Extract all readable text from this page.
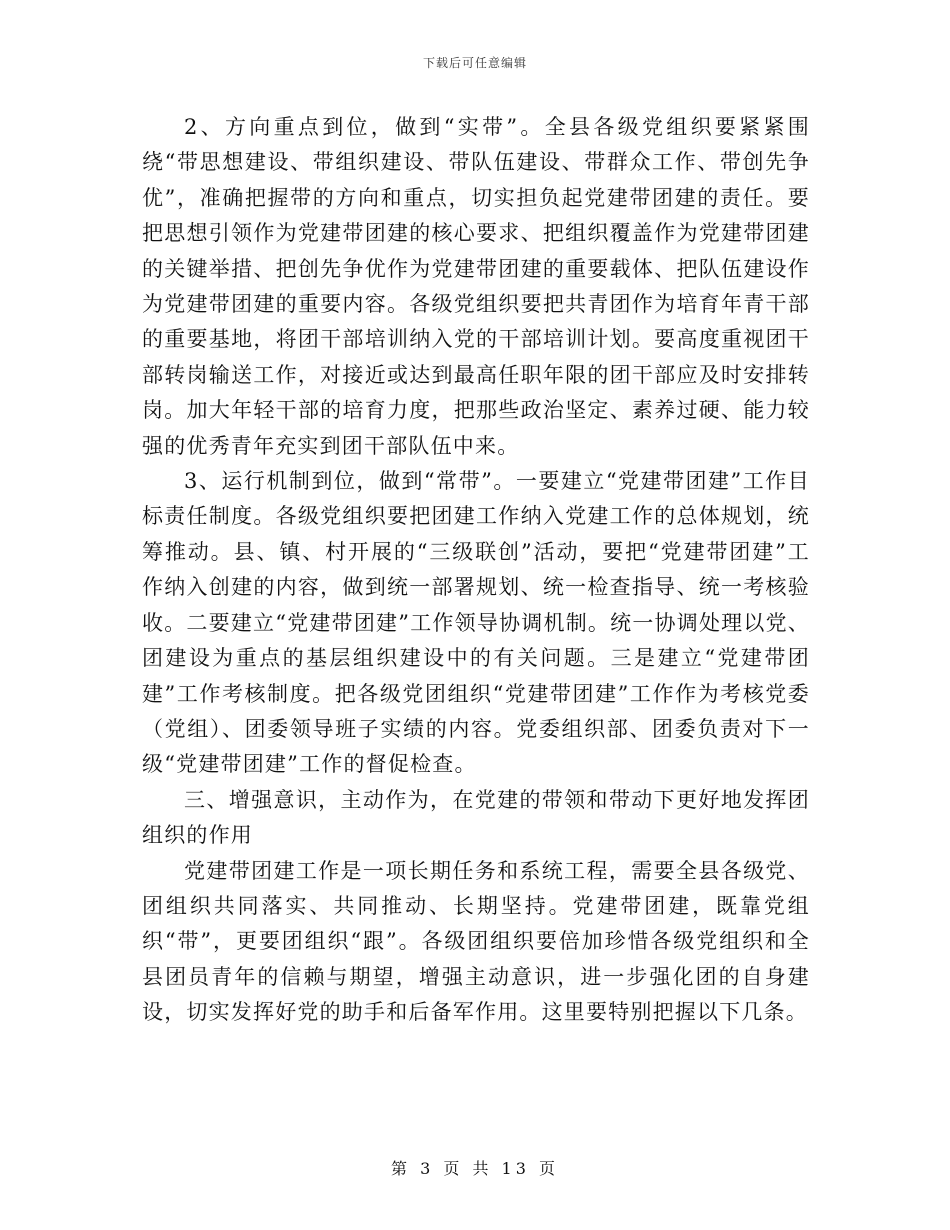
下载后可任意编辑

2、方向重点到位，做到“实带”。全县各级党组织要紧紧围绕“带思想建设、带组织建设、带队伍建设、带群众工作、带创先争优”，准确把握带的方向和重点，切实担负起党建带团建的责任。要把思想引领作为党建带团建的核心要求、把组织覆盖作为党建带团建的关键举措、把创先争优作为党建带团建的重要载体、把队伍建设作为党建带团建的重要内容。各级党组织要把共青团作为培育年青干部的重要基地，将团干部培训纳入党的干部培训计划。要高度重视团干部转岗输送工作，对接近或达到最高任职年限的团干部应及时安排转岗。加大年轻干部的培育力度，把那些政治坚定、素养过硬、能力较强的优秀青年充实到团干部队伍中来。

3、运行机制到位，做到“常带”。一要建立“党建带团建”工作目标责任制度。各级党组织要把团建工作纳入党建工作的总体规划，统筹推动。县、镇、村开展的“三级联创”活动，要把“党建带团建”工作纳入创建的内容，做到统一部署规划、统一检查指导、统一考核验收。二要建立“党建带团建”工作领导协调机制。统一协调处理以党、团建设为重点的基层组织建设中的有关问题。三是建立“党建带团建”工作考核制度。把各级党团组织“党建带团建”工作作为考核党委（党组）、团委领导班子实绩的内容。党委组织部、团委负责对下一级“党建带团建”工作的督促检查。

三、增强意识，主动作为，在党建的带领和带动下更好地发挥团组织的作用

党建带团建工作是一项长期任务和系统工程，需要全县各级党、团组织共同落实、共同推动、长期坚持。党建带团建，既靠党组织“带”，更要团组织“跟”。各级团组织要倍加珍惜各级党组织和全县团员青年的信赖与期望，增强主动意识，进一步强化团的自身建设，切实发挥好党的助手和后备军作用。这里要特别把握以下几条。

第 3 页 共 13 页
